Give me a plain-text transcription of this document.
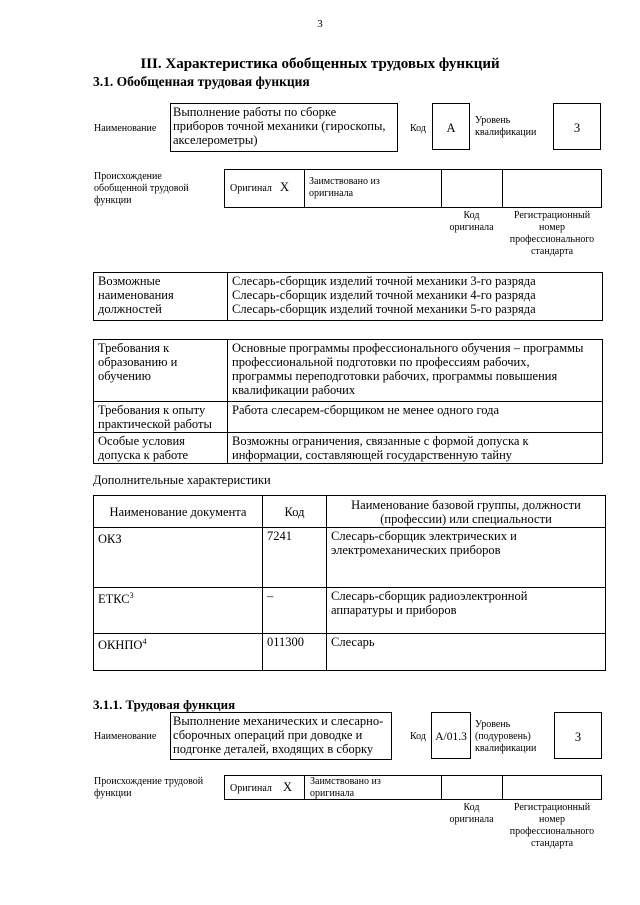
3
III. Характеристика обобщенных трудовых функций
3.1. Обобщенная трудовая функция
Наименование
Выполнение работы по сборке
приборов точной механики (гироскопы,
акселерометры)
Код	А
Уровень
квалификации	3
Происхождение
обобщенной трудовой
функции
Оригинал X Заимствовано из
оригинала
Код
оригинала
Регистрационный
номер
профессионального
стандарта
Возможные
наименования
должностей	Слесарь-сборщик изделий точной механики 3-го разряда
Слесарь-сборщик изделий точной механики 4-го разряда
Слесарь-сборщик изделий точной механики 5-го разряда
Требования к
образованию и
обучению	Основные программы профессионального обучения – программы
профессиональной подготовки по профессиям рабочих,
программы переподготовки рабочих, программы повышения
квалификации рабочих
Требования к опыту
практической работы	Работа слесарем-сборщиком не менее одного года
Особые условия
допуска к работе	Возможны ограничения, связанные с формой допуска к
информации, составляющей государственную тайну
Дополнительные характеристики
Наименование документа	Код	Наименование базовой группы, должности
(профессии) или специальности
ОКЗ	7241	Слесарь-сборщик электрических и
электромеханических приборов
ЕТКС$^3$	–	Слесарь-сборщик радиоэлектронной
аппаратуры и приборов
ОКНПО$^4$	011300	Слесарь
3.1.1. Трудовая функция
Наименование
Выполнение механических и слесарно-
сборочных операций при доводке и
подгонке деталей, входящих в сборку
Код А/01.3
Уровень
(подуровень)
квалификации
3
Происхождение трудовой
функции	Оригинал X Заимствовано из
оригинала
Код
оригинала
Регистрационный
номер
профессионального
стандарта
